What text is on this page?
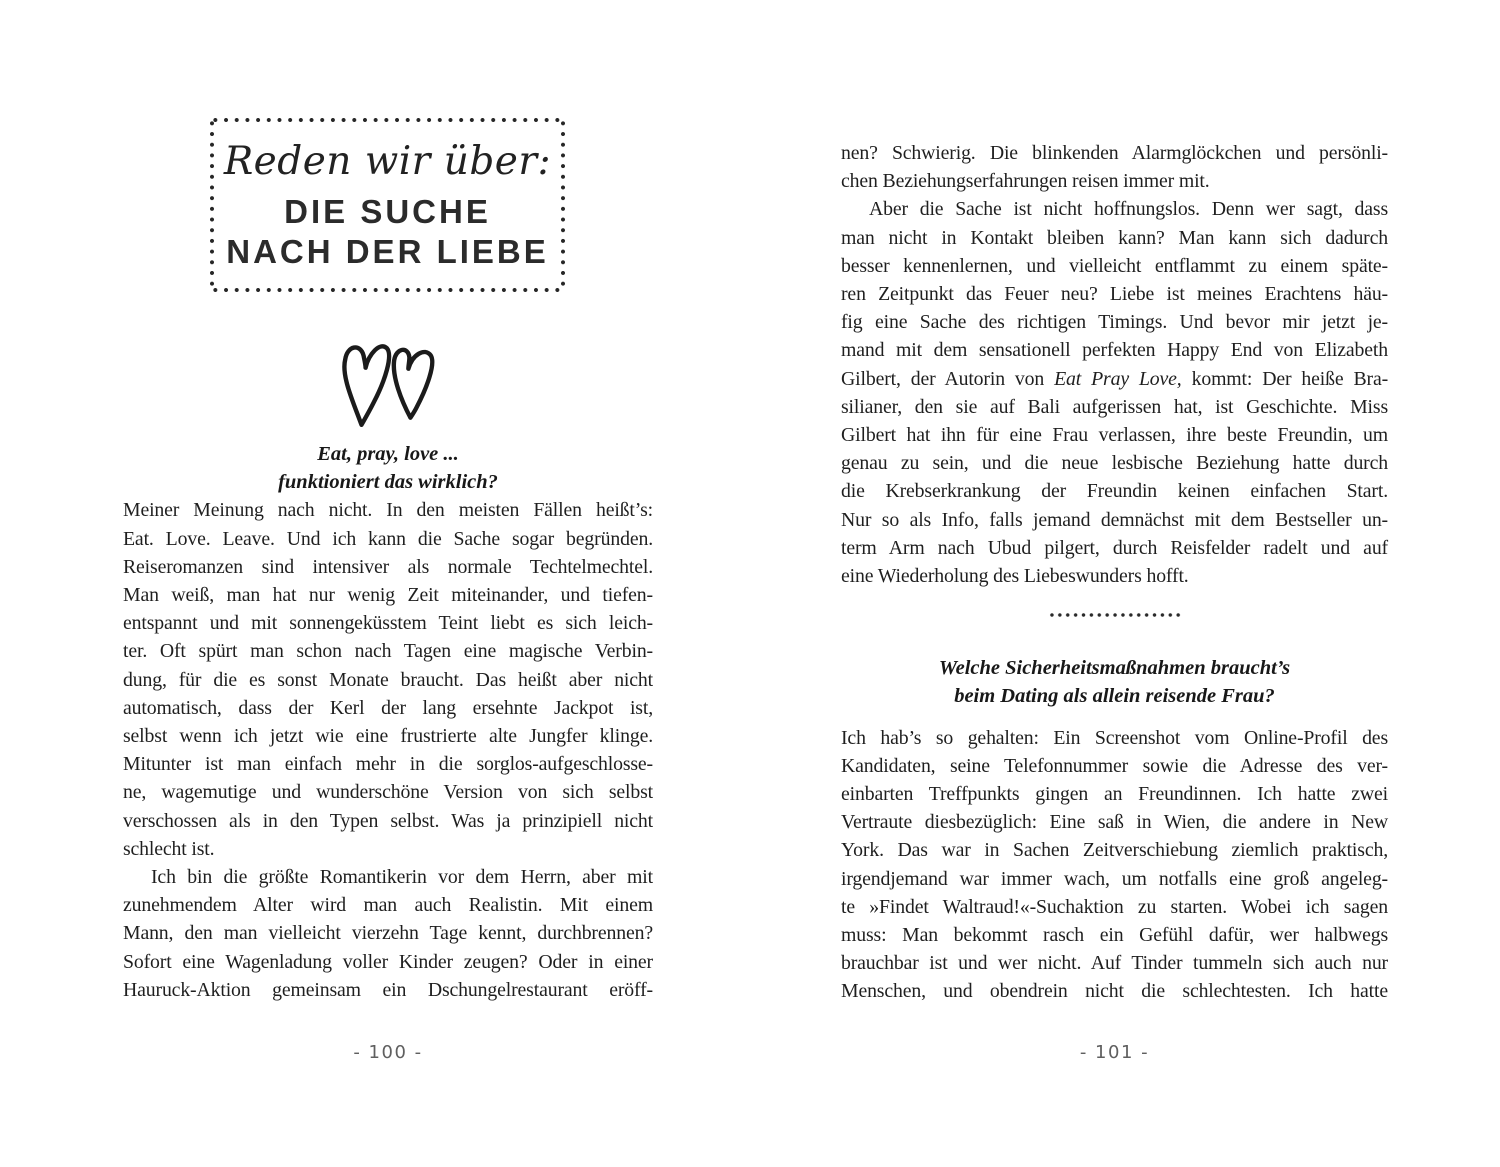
Reden wir über:
DIE SUCHE
NACH DER LIEBE
Eat, pray, love ...
funktioniert das wirklich?
Meiner Meinung nach nicht. In den meisten Fällen heißt’s:
Eat. Love. Leave. Und ich kann die Sache sogar begründen.
Reiseromanzen sind intensiver als normale Techtelmechtel.
Man weiß, man hat nur wenig Zeit miteinander, und tiefen-
entspannt und mit sonnengeküsstem Teint liebt es sich leich-
ter. Oft spürt man schon nach Tagen eine magische Verbin-
dung, für die es sonst Monate braucht. Das heißt aber nicht
automatisch, dass der Kerl der lang ersehnte Jackpot ist,
selbst wenn ich jetzt wie eine frustrierte alte Jungfer klinge.
Mitunter ist man einfach mehr in die sorglos-aufgeschlosse-
ne, wagemutige und wunderschöne Version von sich selbst
verschossen als in den Typen selbst. Was ja prinzipiell nicht
schlecht ist.
Ich bin die größte Romantikerin vor dem Herrn, aber mit
zunehmendem Alter wird man auch Realistin. Mit einem
Mann, den man vielleicht vierzehn Tage kennt, durchbrennen?
Sofort eine Wagenladung voller Kinder zeugen? Oder in einer
Hauruck-Aktion gemeinsam ein Dschungelrestaurant eröff-
- 100 -
nen? Schwierig. Die blinkenden Alarmglöckchen und persönli-
chen Beziehungserfahrungen reisen immer mit.
Aber die Sache ist nicht hoffnungslos. Denn wer sagt, dass
man nicht in Kontakt bleiben kann? Man kann sich dadurch
besser kennenlernen, und vielleicht entflammt zu einem späte-
ren Zeitpunkt das Feuer neu? Liebe ist meines Erachtens häu-
fig eine Sache des richtigen Timings. Und bevor mir jetzt je-
mand mit dem sensationell perfekten Happy End von Elizabeth
Gilbert, der Autorin von Eat Pray Love, kommt: Der heiße Bra-
silianer, den sie auf Bali aufgerissen hat, ist Geschichte. Miss
Gilbert hat ihn für eine Frau verlassen, ihre beste Freundin, um
genau zu sein, und die neue lesbische Beziehung hatte durch
die Krebserkrankung der Freundin keinen einfachen Start.
Nur so als Info, falls jemand demnächst mit dem Bestseller un-
term Arm nach Ubud pilgert, durch Reisfelder radelt und auf
eine Wiederholung des Liebeswunders hofft.
Welche Sicherheitsmaßnahmen braucht’s
beim Dating als allein reisende Frau?
Ich hab’s so gehalten: Ein Screenshot vom Online-Profil des
Kandidaten, seine Telefonnummer sowie die Adresse des ver-
einbarten Treffpunkts gingen an Freundinnen. Ich hatte zwei
Vertraute diesbezüglich: Eine saß in Wien, die andere in New
York. Das war in Sachen Zeitverschiebung ziemlich praktisch,
irgendjemand war immer wach, um notfalls eine groß angeleg-
te »Findet Waltraud!«-Suchaktion zu starten. Wobei ich sagen
muss: Man bekommt rasch ein Gefühl dafür, wer halbwegs
brauchbar ist und wer nicht. Auf Tinder tummeln sich auch nur
Menschen, und obendrein nicht die schlechtesten. Ich hatte
- 101 -
